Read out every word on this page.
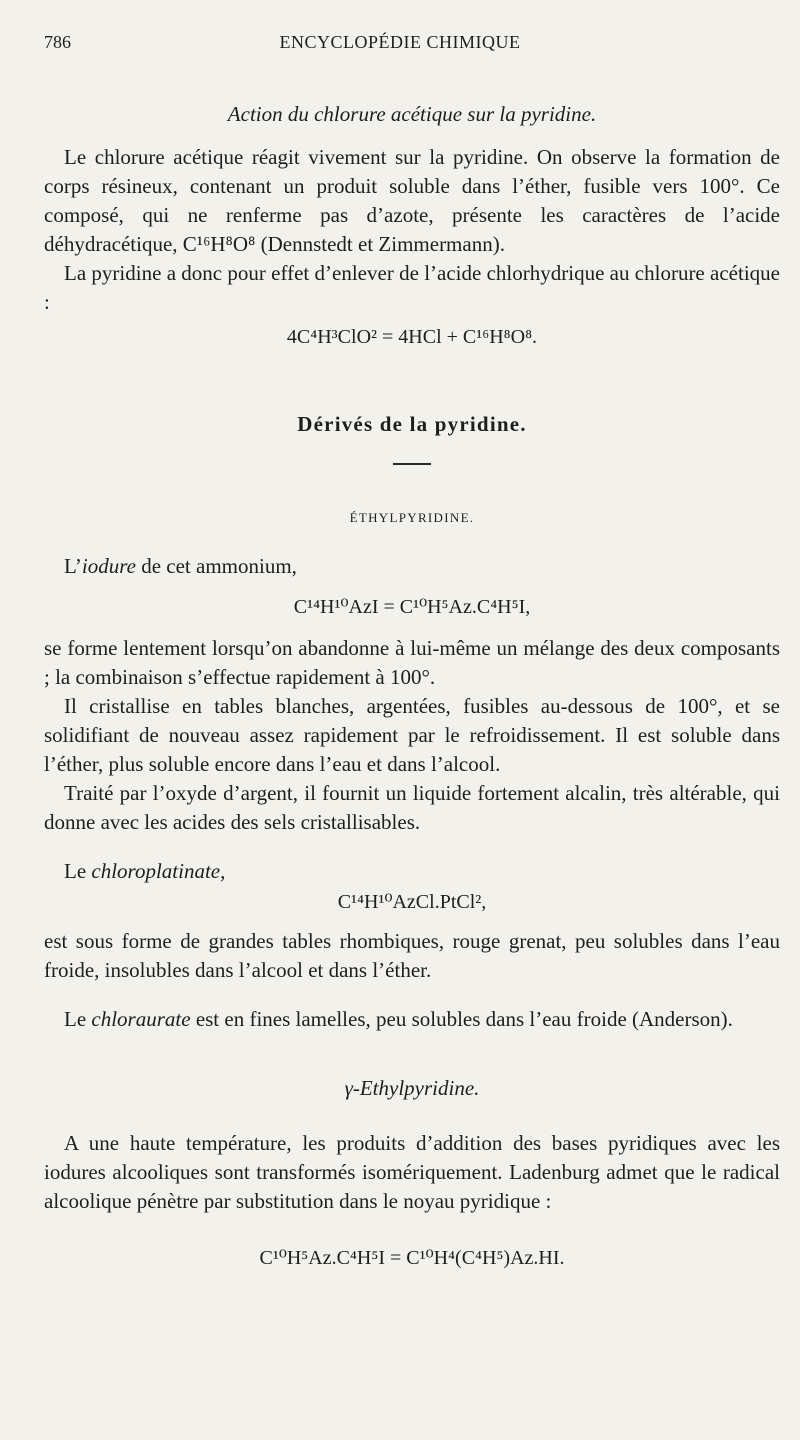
786	ENCYCLOPÉDIE CHIMIQUE
Action du chlorure acétique sur la pyridine.

Le chlorure acétique réagit vivement sur la pyridine. On observe la formation de corps résineux, contenant un produit soluble dans l’éther, fusible vers 100°. Ce composé, qui ne renferme pas d’azote, présente les caractères de l’acide déhydracétique, C¹⁶H⁸O⁸ (Dennstedt et Zimmermann).

La pyridine a donc pour effet d’enlever de l’acide chlorhydrique au chlorure acétique :

4C⁴H³ClO² = 4HCl + C¹⁶H⁸O⁸.
Dérivés de la pyridine.
ÉTHYLPYRIDINE.

L’iodure de cet ammonium,

C¹⁴H¹⁰AzI = C¹⁰H⁵Az.C⁴H⁵I,

se forme lentement lorsqu’on abandonne à lui-même un mélange des deux composants ; la combinaison s’effectue rapidement à 100°.

Il cristallise en tables blanches, argentées, fusibles au-dessous de 100°, et se solidifiant de nouveau assez rapidement par le refroidissement. Il est soluble dans l’éther, plus soluble encore dans l’eau et dans l’alcool.

Traité par l’oxyde d’argent, il fournit un liquide fortement alcalin, très altérable, qui donne avec les acides des sels cristallisables.

Le chloroplatinate,

C¹⁴H¹⁰AzCl.PtCl²,

est sous forme de grandes tables rhombiques, rouge grenat, peu solubles dans l’eau froide, insolubles dans l’alcool et dans l’éther.

Le chloraurate est en fines lamelles, peu solubles dans l’eau froide (Anderson).

γ-Ethylpyridine.

A une haute température, les produits d’addition des bases pyridiques avec les iodures alcooliques sont transformés isomériquement. Ladenburg admet que le radical alcoolique pénètre par substitution dans le noyau pyridique :

C¹⁰H⁵Az.C⁴H⁵I = C¹⁰H⁴(C⁴H⁵)Az.HI.
